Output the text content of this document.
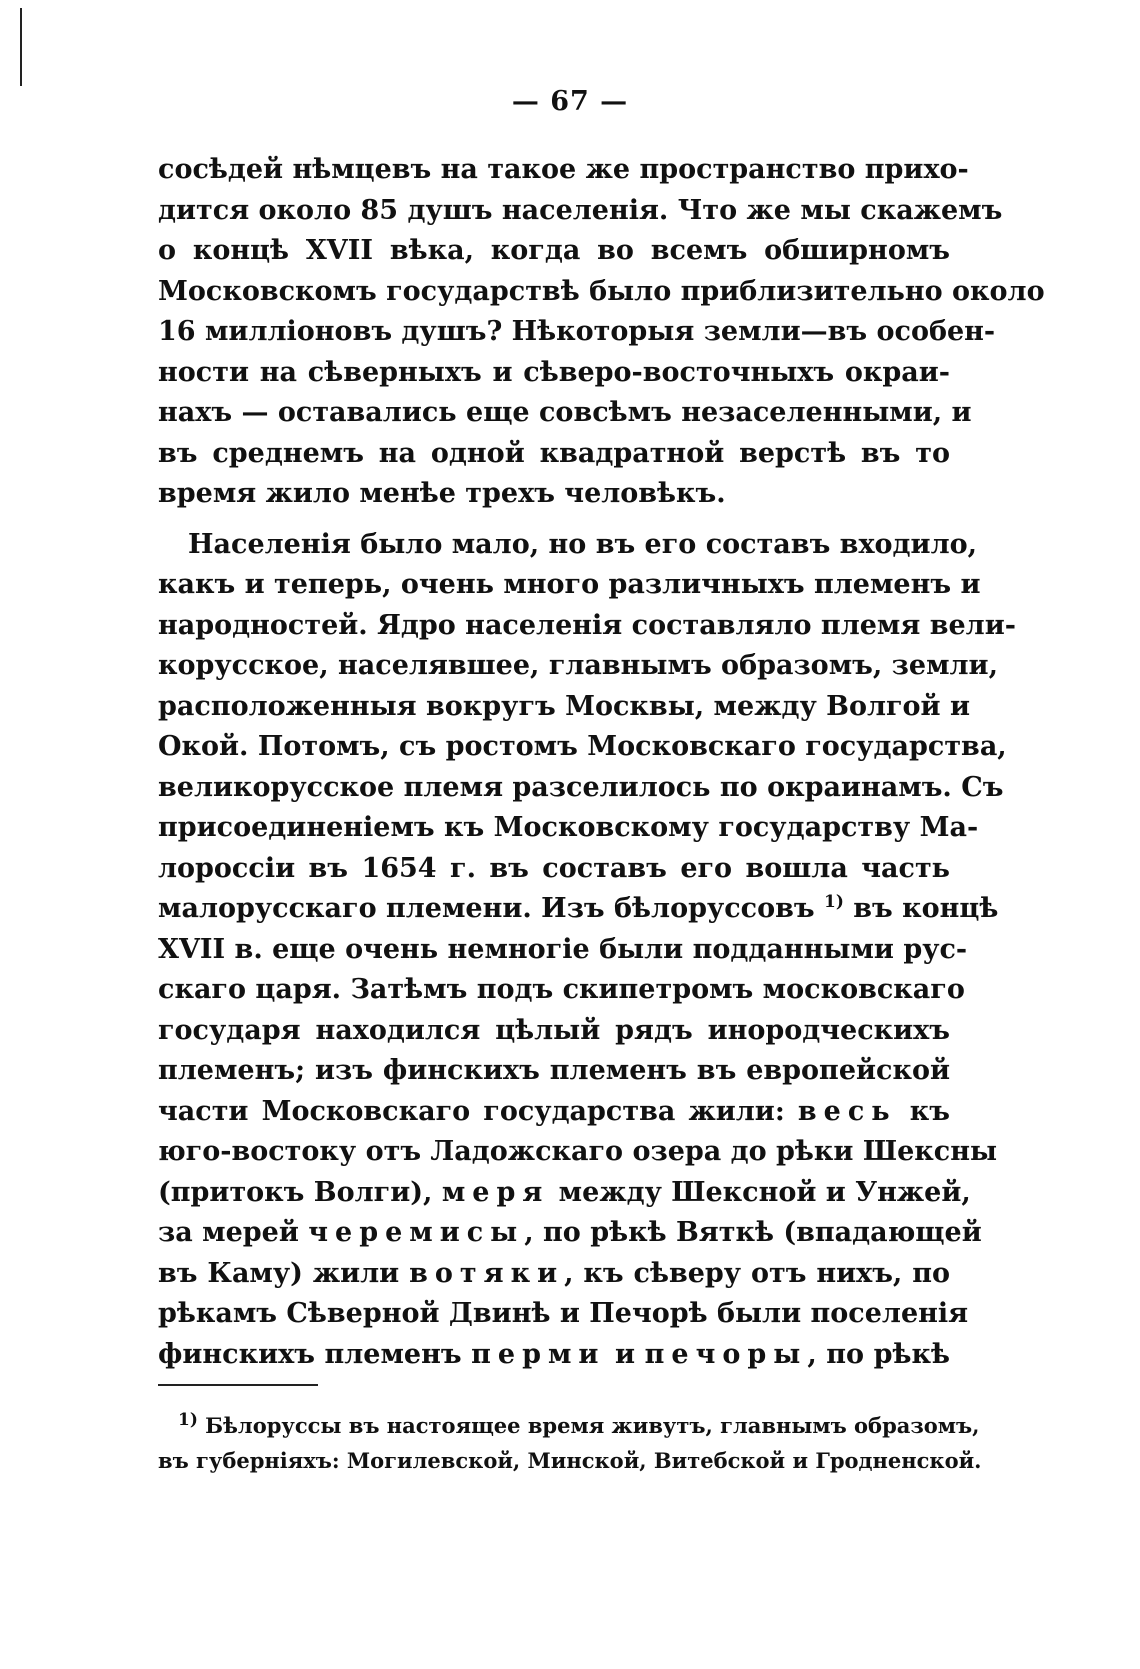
— 67 —
сосѣдей нѣмцевъ на такое же пространство прихо-
дится около 85 душъ населенія. Что же мы скажемъ
о концѣ XVII вѣка, когда во всемъ обширномъ
Московскомъ государствѣ было приблизительно около
16 милліоновъ душъ? Нѣкоторыя земли—въ особен-
ности на сѣверныхъ и сѣверо-восточныхъ окраи-
нахъ — оставались еще совсѣмъ незаселенными, и
въ среднемъ на одной квадратной верстѣ въ то
время жило менѣе трехъ человѣкъ.
Населенія было мало, но въ его составъ входило,
какъ и теперь, очень много различныхъ племенъ и
народностей. Ядро населенія составляло племя вели-
корусское, населявшее, главнымъ образомъ, земли,
расположенныя вокругъ Москвы, между Волгой и
Окой. Потомъ, съ ростомъ Московскаго государства,
великорусское племя разселилось по окраинамъ. Съ
присоединеніемъ къ Московскому государству Ма-
лороссіи въ 1654 г. въ составъ его вошла часть
малорусскаго племени. Изъ бѣлоруссовъ $^{1)}$ въ концѣ
XVII в. еще очень немногіе были подданными рус-
скаго царя. Затѣмъ подъ скипетромъ московскаго
государя находился цѣлый рядъ инородческихъ
племенъ; изъ финскихъ племенъ въ европейской
части Московскаго государства жили: весь къ
юго-востоку отъ Ладожскаго озера до рѣки Шексны
(притокъ Волги), меря между Шексной и Унжей,
за мерей черемисы, по рѣкѣ Вяткѣ (впадающей
въ Каму) жили вотяки, къ сѣверу отъ нихъ, по
рѣкамъ Сѣверной Двинѣ и Печорѣ были поселенія
финскихъ племенъ перми и печоры, по рѣкѣ
$^{1)}$ Бѣлоруссы въ настоящее время живутъ, главнымъ образомъ,
въ губерніяхъ: Могилевской, Минской, Витебской и Гродненской.
